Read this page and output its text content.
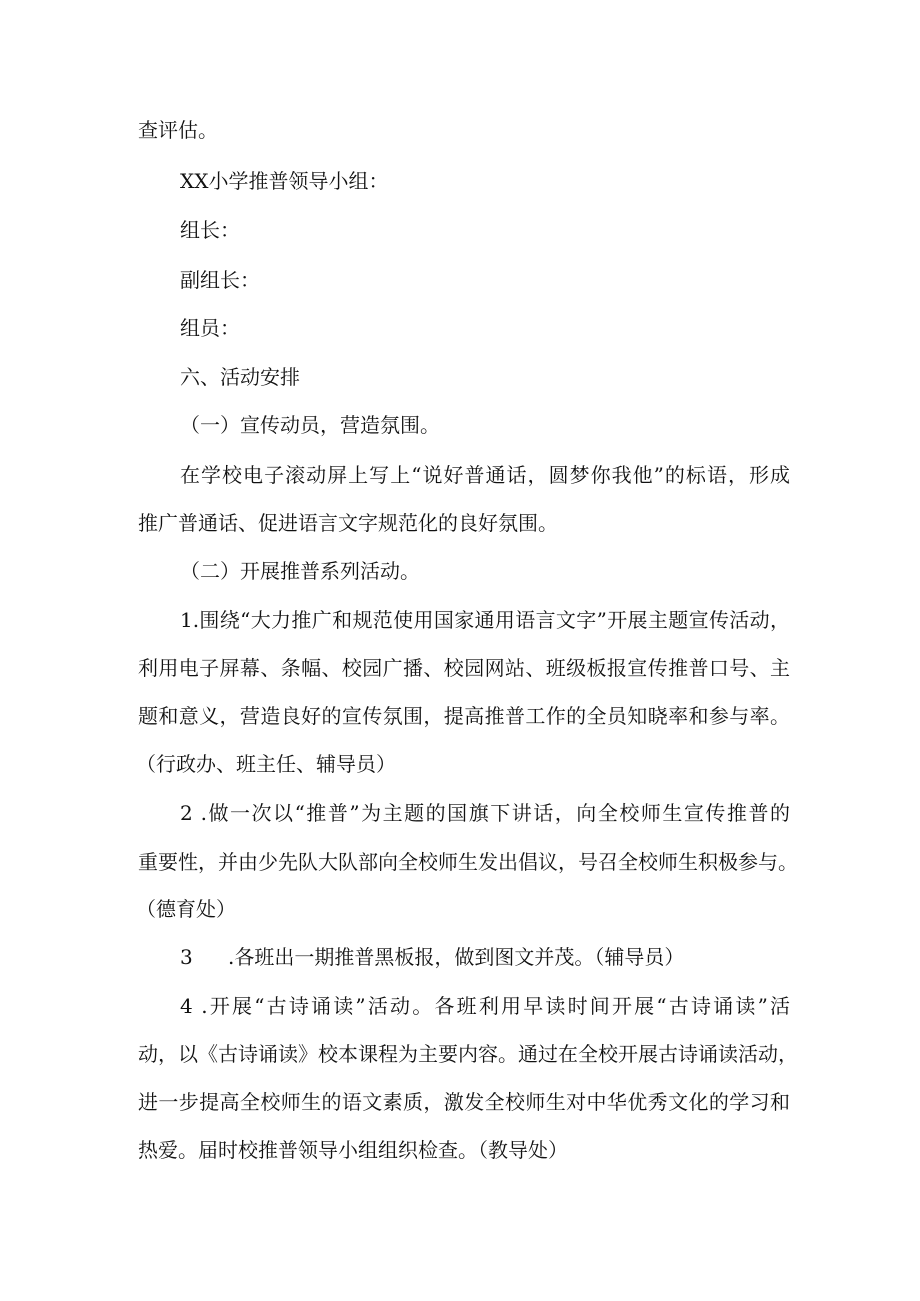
查评估。
XX小学推普领导小组：
组长：
副组长：
组员：
六、活动安排
（一）宣传动员，营造氛围。
在学校电子滚动屏上写上“说好普通话，圆梦你我他”的标语，形成
推广普通话、促进语言文字规范化的良好氛围。
（二）开展推普系列活动。
1.围绕“大力推广和规范使用国家通用语言文字”开展主题宣传活动，
利用电子屏幕、条幅、校园广播、校园网站、班级板报宣传推普口号、主
题和意义，营造良好的宣传氛围，提高推普工作的全员知晓率和参与率。
（行政办、班主任、辅导员）
2 .做一次以“推普”为主题的国旗下讲话，向全校师生宣传推普的
重要性，并由少先队大队部向全校师生发出倡议，号召全校师生积极参与。
（德育处）
3 .各班出一期推普黑板报，做到图文并茂。（辅导员）
4 .开展“古诗诵读”活动。各班利用早读时间开展“古诗诵读”活
动，以《古诗诵读》校本课程为主要内容。通过在全校开展古诗诵读活动，
进一步提高全校师生的语文素质，激发全校师生对中华优秀文化的学习和
热爱。届时校推普领导小组组织检查。（教导处）
